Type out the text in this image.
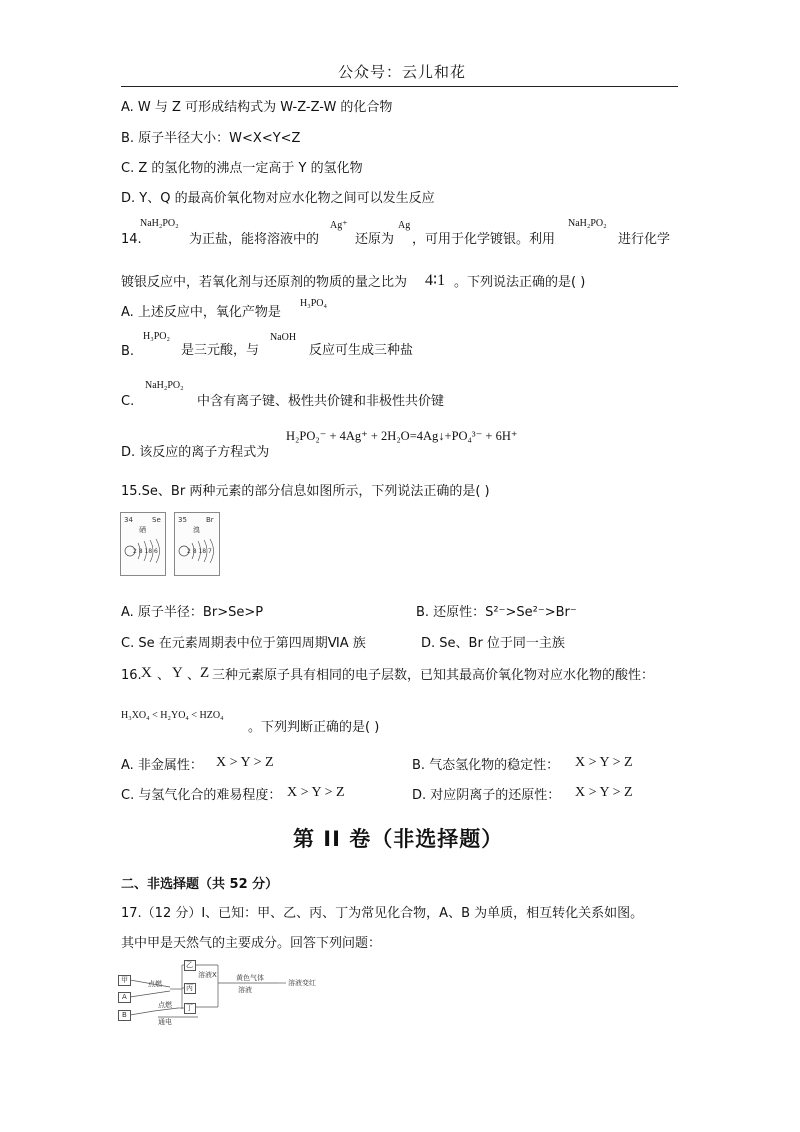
公众号：云儿和花
A. W 与 Z 可形成结构式为 W-Z-Z-W 的化合物
B. 原子半径大小：W<X<Y<Z
C. Z 的氢化物的沸点一定高于 Y 的氢化物
D. Y、Q 的最高价氧化物对应水化物之间可以发生反应
14.
NaH₂PO₂
为正盐，能将溶液中的
Ag⁺
还原为
Ag
，可用于化学镀银。利用
NaH₂PO₂
进行化学
镀银反应中，若氧化剂与还原剂的物质的量之比为 4∶1 。下列说法正确的是( )
A. 上述反应中，氧化产物是
H₃PO₄
B.
H₃PO₂
是三元酸，与
NaOH
反应可生成三种盐
C.
NaH₂PO₂
中含有离子键、极性共价键和非极性共价键
D. 该反应的离子方程式为
H₂PO₂⁻ + 4Ag⁺ + 2H₂O=4Ag↓+PO₄³⁻ + 6H⁺
15.Se、Br 两种元素的部分信息如图所示，下列说法正确的是( )
34	Se
硒
2 8 18 6
35	Br
溴
2 8 18 7
A. 原子半径：Br>Se>P	B. 还原性：S²⁻>Se²⁻>Br⁻
C. Se 在元素周期表中位于第四周期ⅥA 族	D. Se、Br 位于同一主族
16. X 、 Y 、 Z 三种元素原子具有相同的电子层数，已知其最高价氧化物对应水化物的酸性：
H₃XO₄ < H₂YO₄ < HZO₄
。下列判断正确的是( )
A. 非金属性： X > Y > Z	B. 气态氢化物的稳定性： X > Y > Z
C. 与氢气化合的难易程度： X > Y > Z	D. 对应阴离子的还原性： X > Y > Z
第 II 卷（非选择题）
二、非选择题（共 52 分）
17.（12 分）I、已知：甲、乙、丙、丁为常见化合物，A、B 为单质，相互转化关系如图。
其中甲是天然气的主要成分。回答下列问题：
甲
A
B
乙
丙
丁
点燃
点燃
通电
溶液X	黄色气体
溶液
溶液变红
